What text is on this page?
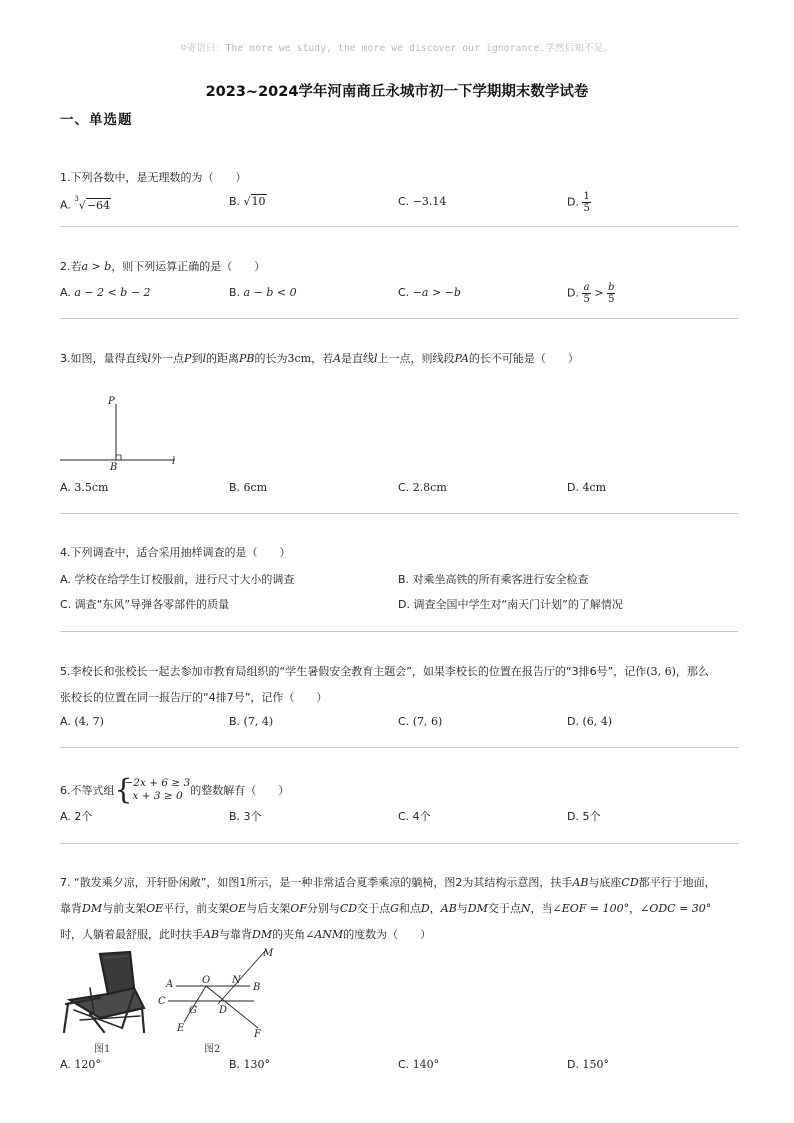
☺寄语曰：The more we study, the more we discover our ignorance.学然后知不足。
2023~2024学年河南商丘永城市初一下学期期末数学试卷
一、单选题
1.下列各数中，是无理数的为（　　）
A. $^3$√−64	B. √10	C. −3.14	D. $\frac{1}{5}$
2.若a > b，则下列运算正确的是（　　）
A. a − 2 < b − 2	B. a − b < 0	C. −a > −b	D. $\frac{a}{5} > \frac{b}{5}$
3.如图，量得直线l外一点P到l的距离PB的长为3cm，若A是直线l上一点，则线段PA的长不可能是（　　）
P
B
l
A. 3.5cm	B. 6cm	C. 2.8cm	D. 4cm
4.下列调查中，适合采用抽样调查的是（　　）
A. 学校在给学生订校服前，进行尺寸大小的调查	B. 对乘坐高铁的所有乘客进行安全检查
C. 调查“东风”导弹各零部件的质量	D. 调查全国中学生对“南天门计划”的了解情况
5.李校长和张校长一起去参加市教育局组织的“学生暑假安全教育主题会”，如果李校长的位置在报告厅的“3排6号”，记作(3, 6)，那么
张校长的位置在同一报告厅的“4排7号”，记作（　　）
A. (4, 7)	B. (7, 4)	C. (7, 6)	D. (6, 4)
6.不等式组 {
−2x + 6 ≥ 3
x + 3 ≥ 0 的整数解有（　　）
A. 2个	B. 3个	C. 4个	D. 5个
7. “散发乘夕凉，开轩卧闲敞”，如图1所示，是一种非常适合夏季乘凉的躺椅，图2为其结构示意图，扶手AB与底座CD都平行于地面，
靠背DM与前支架OE平行，前支架OE与后支架OF分别与CD交于点G和点D，AB与DM交于点N，当∠EOF = 100°，∠ODC = 30°
时，人躺着最舒服，此时扶手AB与靠背DM的夹角∠ANM的度数为（　　）
图1
M
A	O N
B
C
G D
E
F
图2
A. 120°	B. 130°	C. 140°	D. 150°
